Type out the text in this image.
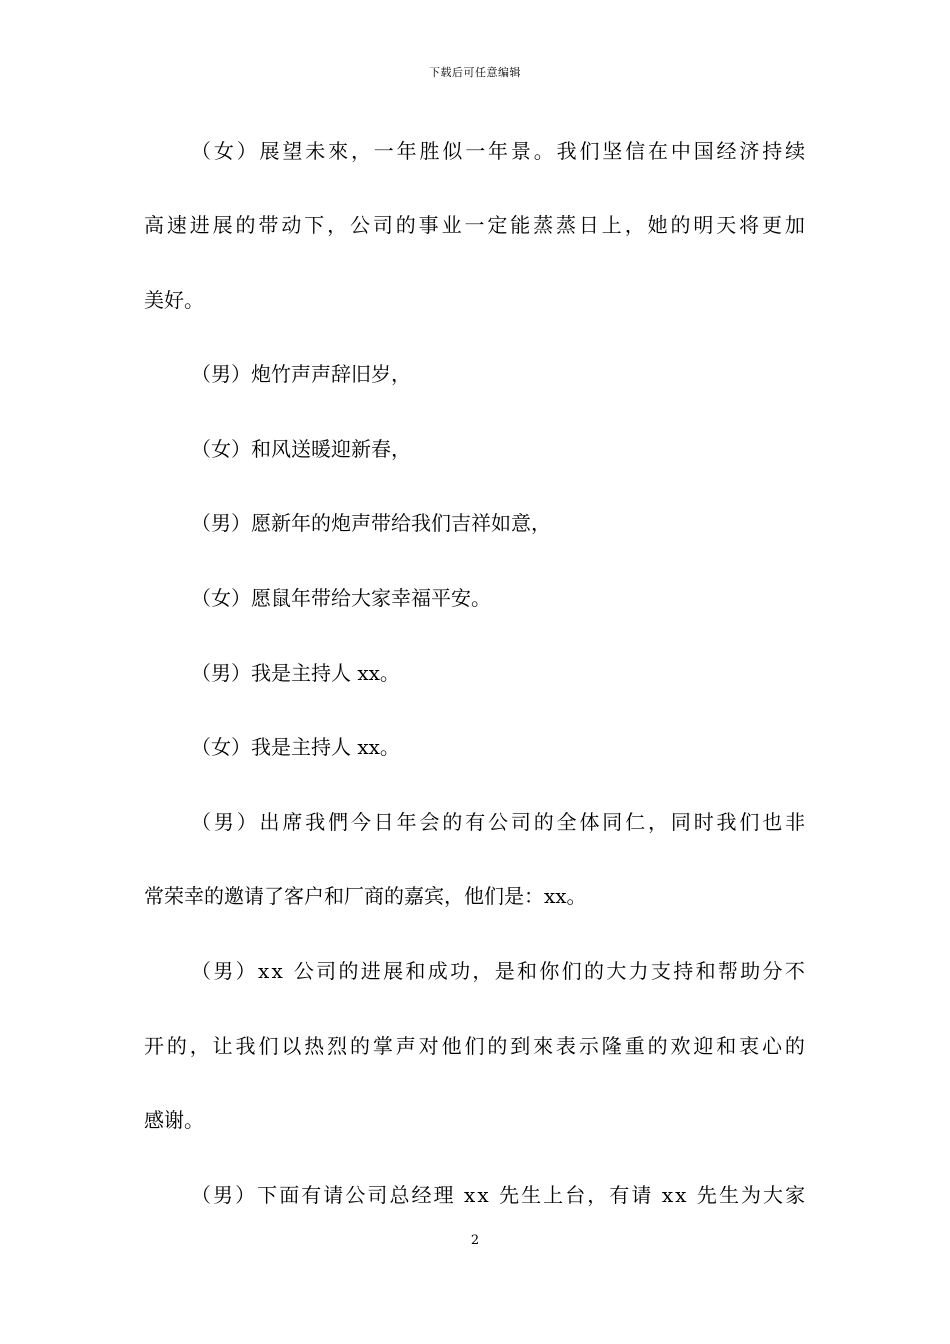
下载后可任意编辑
（女）展望未來，一年胜似一年景。我们坚信在中国经济持续
高速进展的带动下，公司的事业一定能蒸蒸日上，她的明天将更加
美好。
（男）炮竹声声辞旧岁，
（女）和风送暖迎新春，
（男）愿新年的炮声带给我们吉祥如意，
（女）愿鼠年带给大家幸福平安。
（男）我是主持人 xx。
（女）我是主持人 xx。
（男）出席我們今日年会的有公司的全体同仁，同时我们也非
常荣幸的邀请了客户和厂商的嘉宾，他们是：xx。
（男）xx 公司的进展和成功，是和你们的大力支持和帮助分不
开的，让我们以热烈的掌声对他们的到來表示隆重的欢迎和衷心的
感谢。
（男）下面有请公司总经理 xx 先生上台，有请 xx 先生为大家
2
